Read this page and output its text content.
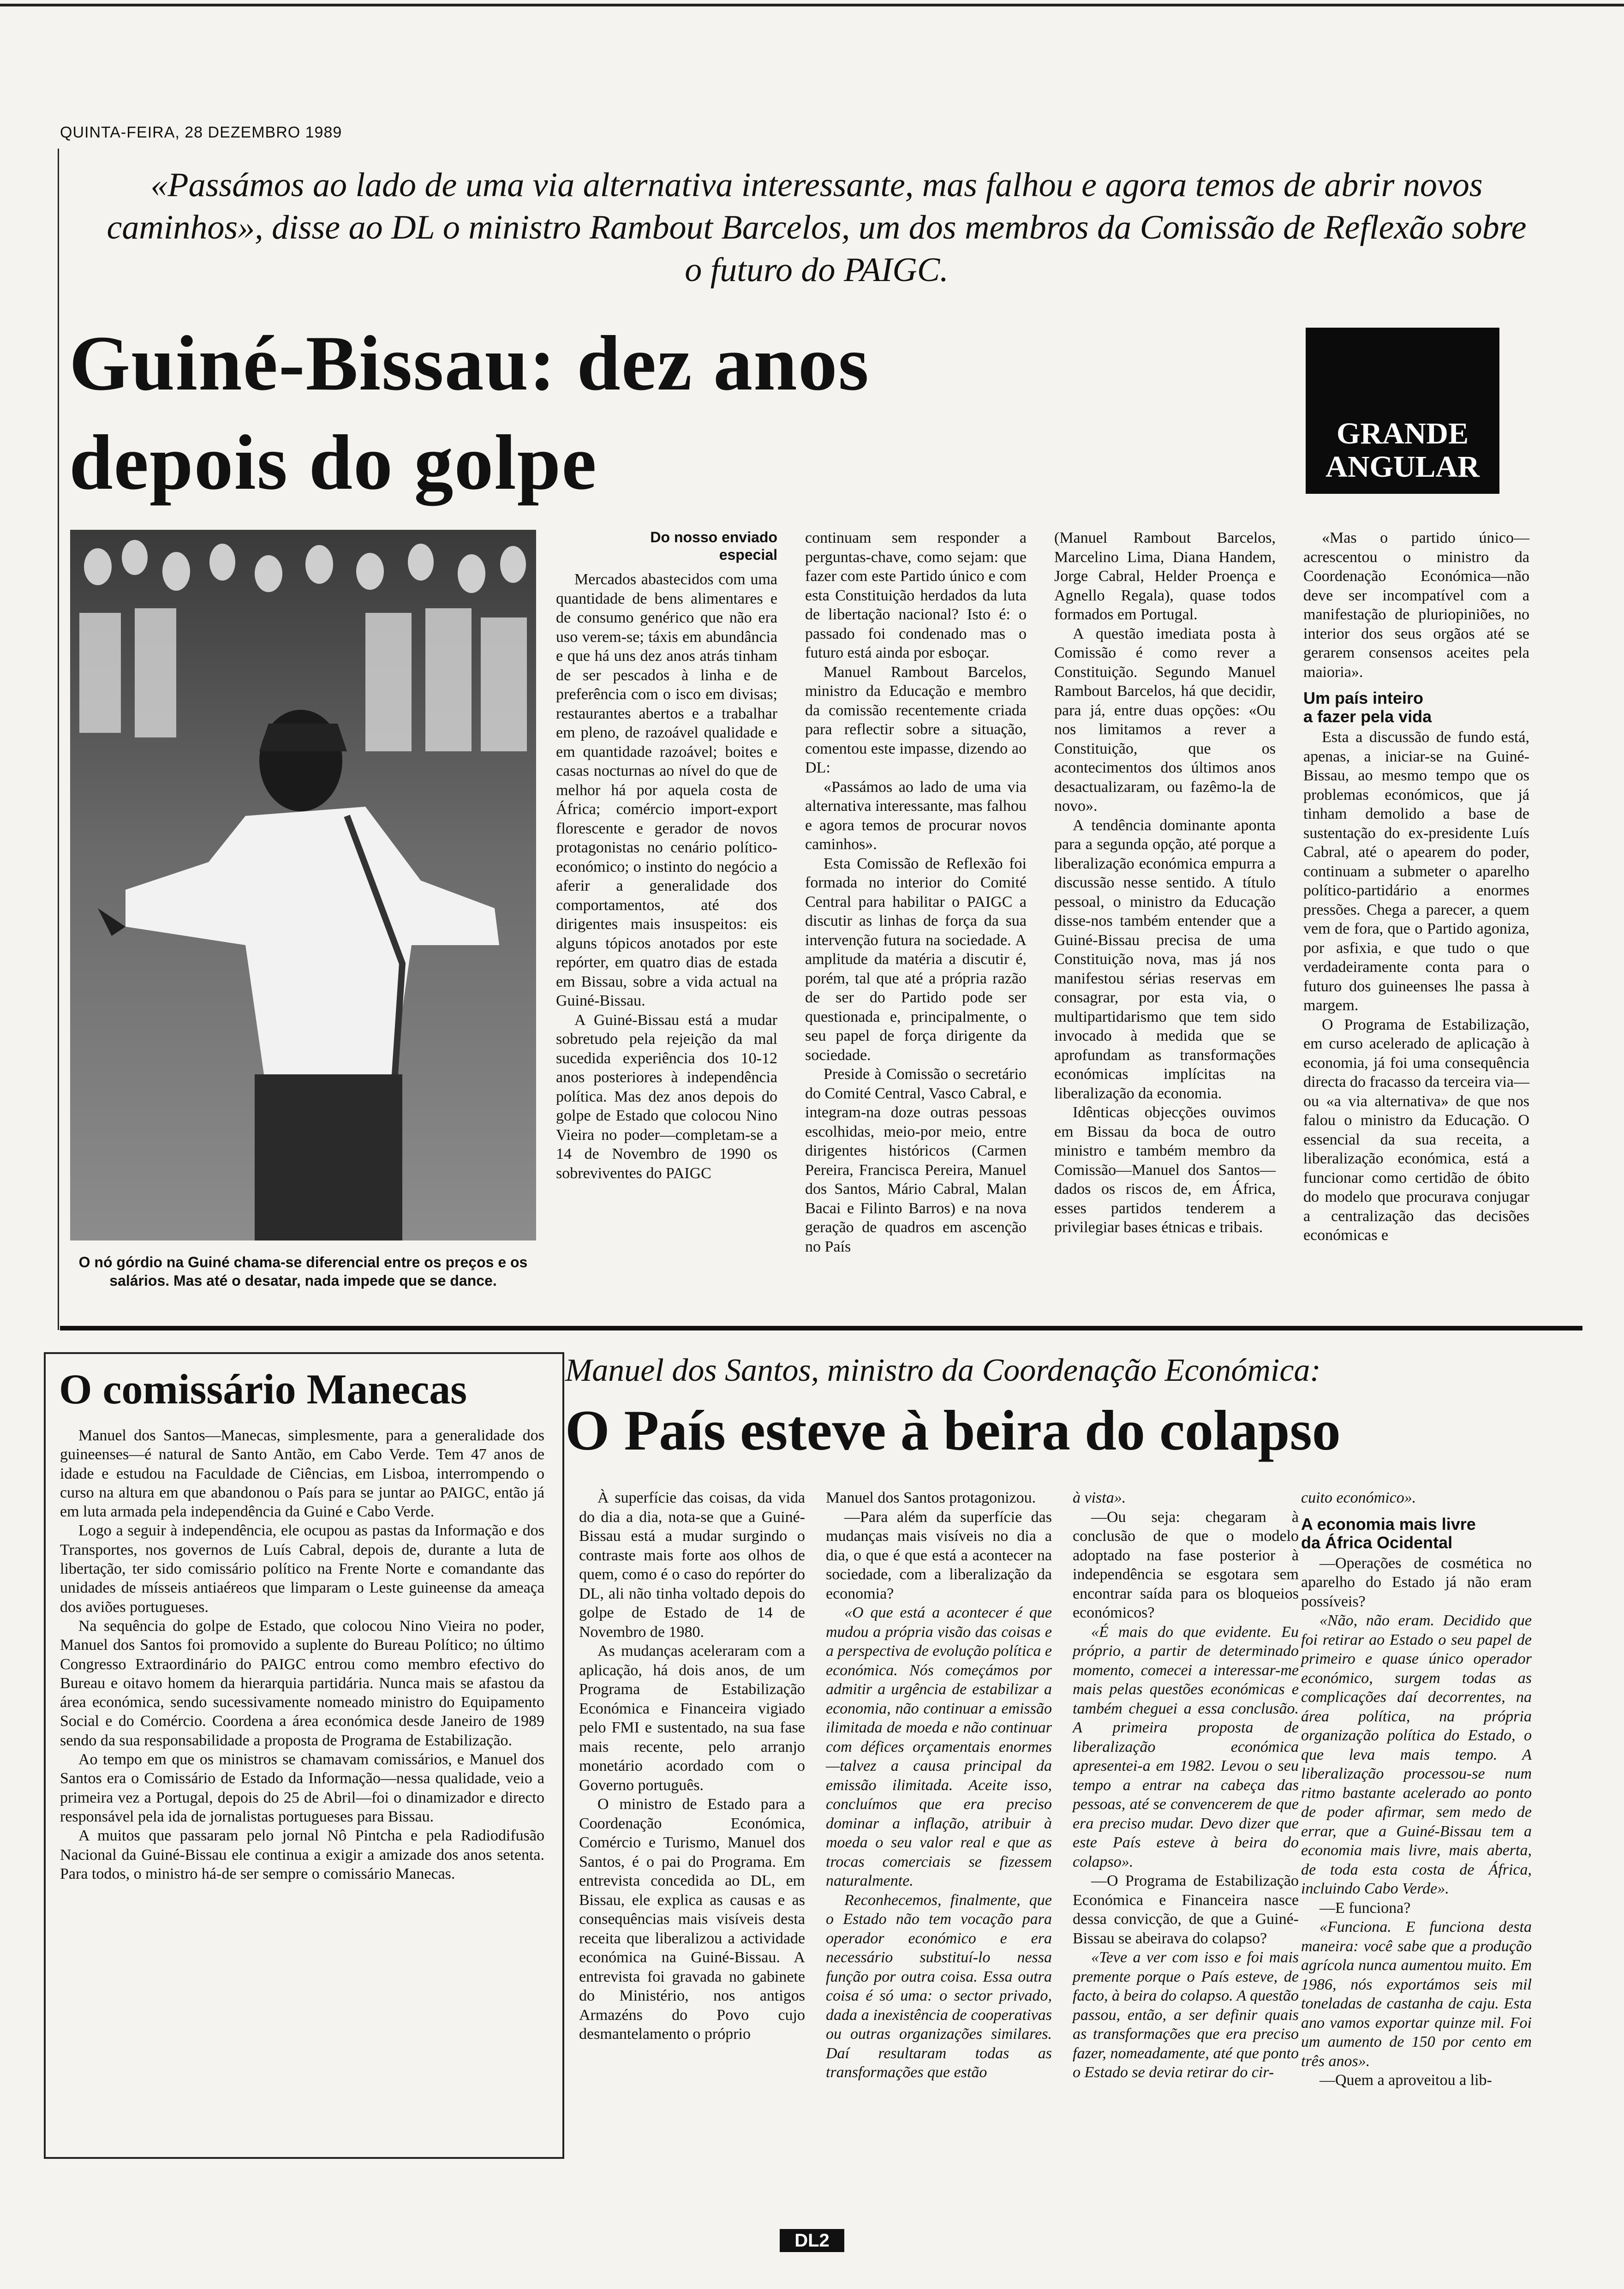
QUINTA-FEIRA, 28 DEZEMBRO 1989
«Passámos ao lado de uma via alternativa interessante, mas falhou e agora temos de abrir novos caminhos», disse ao DL o ministro Rambout Barcelos, um dos membros da Comissão de Reflexão sobre o futuro do PAIGC.
Guiné-Bissau: dez anos
depois do golpe	GRANDE
ANGULAR
O nó górdio na Guiné chama-se diferencial entre os preços e os salários. Mas até o desatar, nada impede que se dance.
Do nosso enviado
especial

Mercados abastecidos com uma quantidade de bens alimentares e de consumo genérico que não era uso verem-se; táxis em abundância e que há uns dez anos atrás tinham de ser pescados à linha e de preferência com o isco em divisas; restaurantes abertos e a trabalhar em pleno, de razoável qualidade e em quantidade razoável; boites e casas nocturnas ao nível do que de melhor há por aquela costa de África; comércio import-export florescente e gerador de novos protagonistas no cenário político-económico; o instinto do negócio a aferir a generalidade dos comportamentos, até dos dirigentes mais insuspeitos: eis alguns tópicos anotados por este repórter, em quatro dias de estada em Bissau, sobre a vida actual na Guiné-Bissau.

A Guiné-Bissau está a mudar sobretudo pela rejeição da mal sucedida experiência dos 10-12 anos posteriores à independência política. Mas dez anos depois do golpe de Estado que colocou Nino Vieira no poder—completam-se a 14 de Novembro de 1990 os sobreviventes do PAIGC

continuam sem responder a perguntas-chave, como sejam: que fazer com este Partido único e com esta Constituição herdados da luta de libertação nacional? Isto é: o passado foi condenado mas o futuro está ainda por esboçar.

Manuel Rambout Barcelos, ministro da Educação e membro da comissão recentemente criada para reflectir sobre a situação, comentou este impasse, dizendo ao DL:

«Passámos ao lado de uma via alternativa interessante, mas falhou e agora temos de procurar novos caminhos».

Esta Comissão de Reflexão foi formada no interior do Comité Central para habilitar o PAIGC a discutir as linhas de força da sua intervenção futura na sociedade. A amplitude da matéria a discutir é, porém, tal que até a própria razão de ser do Partido pode ser questionada e, principalmente, o seu papel de força dirigente da sociedade.

Preside à Comissão o secretário do Comité Central, Vasco Cabral, e integram-na doze outras pessoas escolhidas, meio-por meio, entre dirigentes históricos (Carmen Pereira, Francisca Pereira, Manuel dos Santos, Mário Cabral, Malan Bacai e Filinto Barros) e na nova geração de quadros em ascenção no País

(Manuel Rambout Barcelos, Marcelino Lima, Diana Handem, Jorge Cabral, Helder Proença e Agnello Regala), quase todos formados em Portugal.

A questão imediata posta à Comissão é como rever a Constituição. Segundo Manuel Rambout Barcelos, há que decidir, para já, entre duas opções: «Ou nos limitamos a rever a Constituição, que os acontecimentos dos últimos anos desactualizaram, ou fazêmo-la de novo».

A tendência dominante aponta para a segunda opção, até porque a liberalização económica empurra a discussão nesse sentido. A título pessoal, o ministro da Educação disse-nos também entender que a Guiné-Bissau precisa de uma Constituição nova, mas já nos manifestou sérias reservas em consagrar, por esta via, o multipartidarismo que tem sido invocado à medida que se aprofundam as transformações económicas implícitas na liberalização da economia.

Idênticas objecções ouvimos em Bissau da boca de outro ministro e também membro da Comissão—Manuel dos Santos—dados os riscos de, em África, esses partidos tenderem a privilegiar bases étnicas e tribais.

«Mas o partido único—acrescentou o ministro da Coordenação Económica—não deve ser incompatível com a manifestação de pluriopiniões, no interior dos seus orgãos até se gerarem consensos aceites pela maioria».

Um país inteiro
a fazer pela vida

Esta a discussão de fundo está, apenas, a iniciar-se na Guiné-Bissau, ao mesmo tempo que os problemas económicos, que já tinham demolido a base de sustentação do ex-presidente Luís Cabral, até o apearem do poder, continuam a submeter o aparelho político-partidário a enormes pressões. Chega a parecer, a quem vem de fora, que o Partido agoniza, por asfixia, e que tudo o que verdadeiramente conta para o futuro dos guineenses lhe passa à margem.

O Programa de Estabilização, em curso acelerado de aplicação à economia, já foi uma consequência directa do fracasso da terceira via—ou «a via alternativa» de que nos falou o ministro da Educação. O essencial da sua receita, a liberalização económica, está a funcionar como certidão de óbito do modelo que procurava conjugar a centralização das decisões económicas e

O comissário Manecas

Manuel dos Santos—Manecas, simplesmente, para a generalidade dos guineenses—é natural de Santo Antão, em Cabo Verde. Tem 47 anos de idade e estudou na Faculdade de Ciências, em Lisboa, interrompendo o curso na altura em que abandonou o País para se juntar ao PAIGC, então já em luta armada pela independência da Guiné e Cabo Verde.

Logo a seguir à independência, ele ocupou as pastas da Informação e dos Transportes, nos governos de Luís Cabral, depois de, durante a luta de libertação, ter sido comissário político na Frente Norte e comandante das unidades de mísseis antiaéreos que limparam o Leste guineense da ameaça dos aviões portugueses.

Na sequência do golpe de Estado, que colocou Nino Vieira no poder, Manuel dos Santos foi promovido a suplente do Bureau Político; no último Congresso Extraordinário do PAIGC entrou como membro efectivo do Bureau e oitavo homem da hierarquia partidária. Nunca mais se afastou da área económica, sendo sucessivamente nomeado ministro do Equipamento Social e do Comércio. Coordena a área económica desde Janeiro de 1989 sendo da sua responsabilidade a proposta de Programa de Estabilização.

Ao tempo em que os ministros se chamavam comissários, e Manuel dos Santos era o Comissário de Estado da Informação—nessa qualidade, veio a primeira vez a Portugal, depois do 25 de Abril—foi o dinamizador e directo responsável pela ida de jornalistas portugueses para Bissau.

A muitos que passaram pelo jornal Nô Pintcha e pela Radiodifusão Nacional da Guiné-Bissau ele continua a exigir a amizade dos anos setenta. Para todos, o ministro há-de ser sempre o comissário Manecas.

Manuel dos Santos, ministro da Coordenação Económica:
O País esteve à beira do colapso

À superfície das coisas, da vida do dia a dia, nota-se que a Guiné-Bissau está a mudar surgindo o contraste mais forte aos olhos de quem, como é o caso do repórter do DL, ali não tinha voltado depois do golpe de Estado de 14 de Novembro de 1980.

As mudanças aceleraram com a aplicação, há dois anos, de um Programa de Estabilização Económica e Financeira vigiado pelo FMI e sustentado, na sua fase mais recente, pelo arranjo monetário acordado com o Governo português.

O ministro de Estado para a Coordenação Económica, Comércio e Turismo, Manuel dos Santos, é o pai do Programa. Em entrevista concedida ao DL, em Bissau, ele explica as causas e as consequências mais visíveis desta receita que liberalizou a actividade económica na Guiné-Bissau. A entrevista foi gravada no gabinete do Ministério, nos antigos Armazéns do Povo cujo desmantelamento o próprio

Manuel dos Santos protagonizou.

—Para além da superfície das mudanças mais visíveis no dia a dia, o que é que está a acontecer na sociedade, com a liberalização da economia?

«O que está a acontecer é que mudou a própria visão das coisas e a perspectiva de evolução política e económica. Nós começámos por admitir a urgência de estabilizar a economia, não continuar a emissão ilimitada de moeda e não continuar com défices orçamentais enormes—talvez a causa principal da emissão ilimitada. Aceite isso, concluímos que era preciso dominar a inflação, atribuir à moeda o seu valor real e que as trocas comerciais se fizessem naturalmente.

Reconhecemos, finalmente, que o Estado não tem vocação para operador económico e era necessário substituí-lo nessa função por outra coisa. Essa outra coisa é só uma: o sector privado, dada a inexistência de cooperativas ou outras organizações similares. Daí resultaram todas as transformações que estão

à vista».

—Ou seja: chegaram à conclusão de que o modelo adoptado na fase posterior à independência se esgotara sem encontrar saída para os bloqueios económicos?

«É mais do que evidente. Eu próprio, a partir de determinado momento, comecei a interessar-me mais pelas questões económicas e também cheguei a essa conclusão. A primeira proposta de liberalização económica apresentei-a em 1982. Levou o seu tempo a entrar na cabeça das pessoas, até se convencerem de que era preciso mudar. Devo dizer que este País esteve à beira do colapso».

—O Programa de Estabilização Económica e Financeira nasce dessa convicção, de que a Guiné-Bissau se abeirava do colapso?

«Teve a ver com isso e foi mais premente porque o País esteve, de facto, à beira do colapso. A questão passou, então, a ser definir quais as transformações que era preciso fazer, nomeadamente, até que ponto o Estado se devia retirar do cir-

cuito económico».

A economia mais livre
da África Ocidental

—Operações de cosmética no aparelho do Estado já não eram possíveis?

«Não, não eram. Decidido que foi retirar ao Estado o seu papel de primeiro e quase único operador económico, surgem todas as complicações daí decorrentes, na área política, na própria organização política do Estado, o que leva mais tempo. A liberalização processou-se num ritmo bastante acelerado ao ponto de poder afirmar, sem medo de errar, que a Guiné-Bissau tem a economia mais livre, mais aberta, de toda esta costa de África, incluindo Cabo Verde».

—E funciona?

«Funciona. E funciona desta maneira: você sabe que a produção agrícola nunca aumentou muito. Em 1986, nós exportámos seis mil toneladas de castanha de caju. Esta ano vamos exportar quinze mil. Foi um aumento de 150 por cento em três anos».

—Quem a aproveitou a lib-

DL2
